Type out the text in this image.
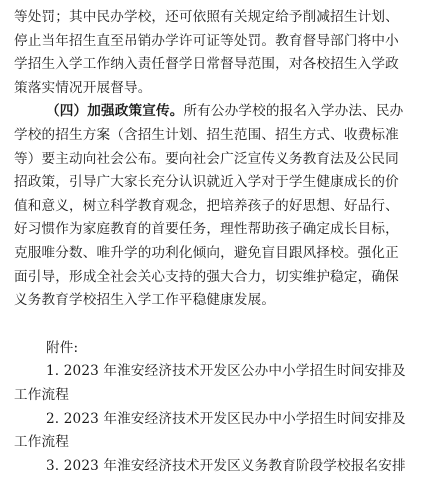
等处罚；其中民办学校，还可依照有关规定给予削减招生计划、
停止当年招生直至吊销办学许可证等处罚。教育督导部门将中小
学招生入学工作纳入责任督学日常督导范围，对各校招生入学政
策落实情况开展督导。
（四）加强政策宣传。所有公办学校的报名入学办法、民办
学校的招生方案（含招生计划、招生范围、招生方式、收费标准
等）要主动向社会公布。要向社会广泛宣传义务教育法及公民同
招政策，引导广大家长充分认识就近入学对于学生健康成长的价
值和意义，树立科学教育观念，把培养孩子的好思想、好品行、
好习惯作为家庭教育的首要任务，理性帮助孩子确定成长目标，
克服唯分数、唯升学的功利化倾向，避免盲目跟风择校。强化正
面引导，形成全社会关心支持的强大合力，切实维护稳定，确保
义务教育学校招生入学工作平稳健康发展。
附件:
1. 2023 年淮安经济技术开发区公办中小学招生时间安排及
工作流程
2. 2023 年淮安经济技术开发区民办中小学招生时间安排及
工作流程
3. 2023 年淮安经济技术开发区义务教育阶段学校报名安排
